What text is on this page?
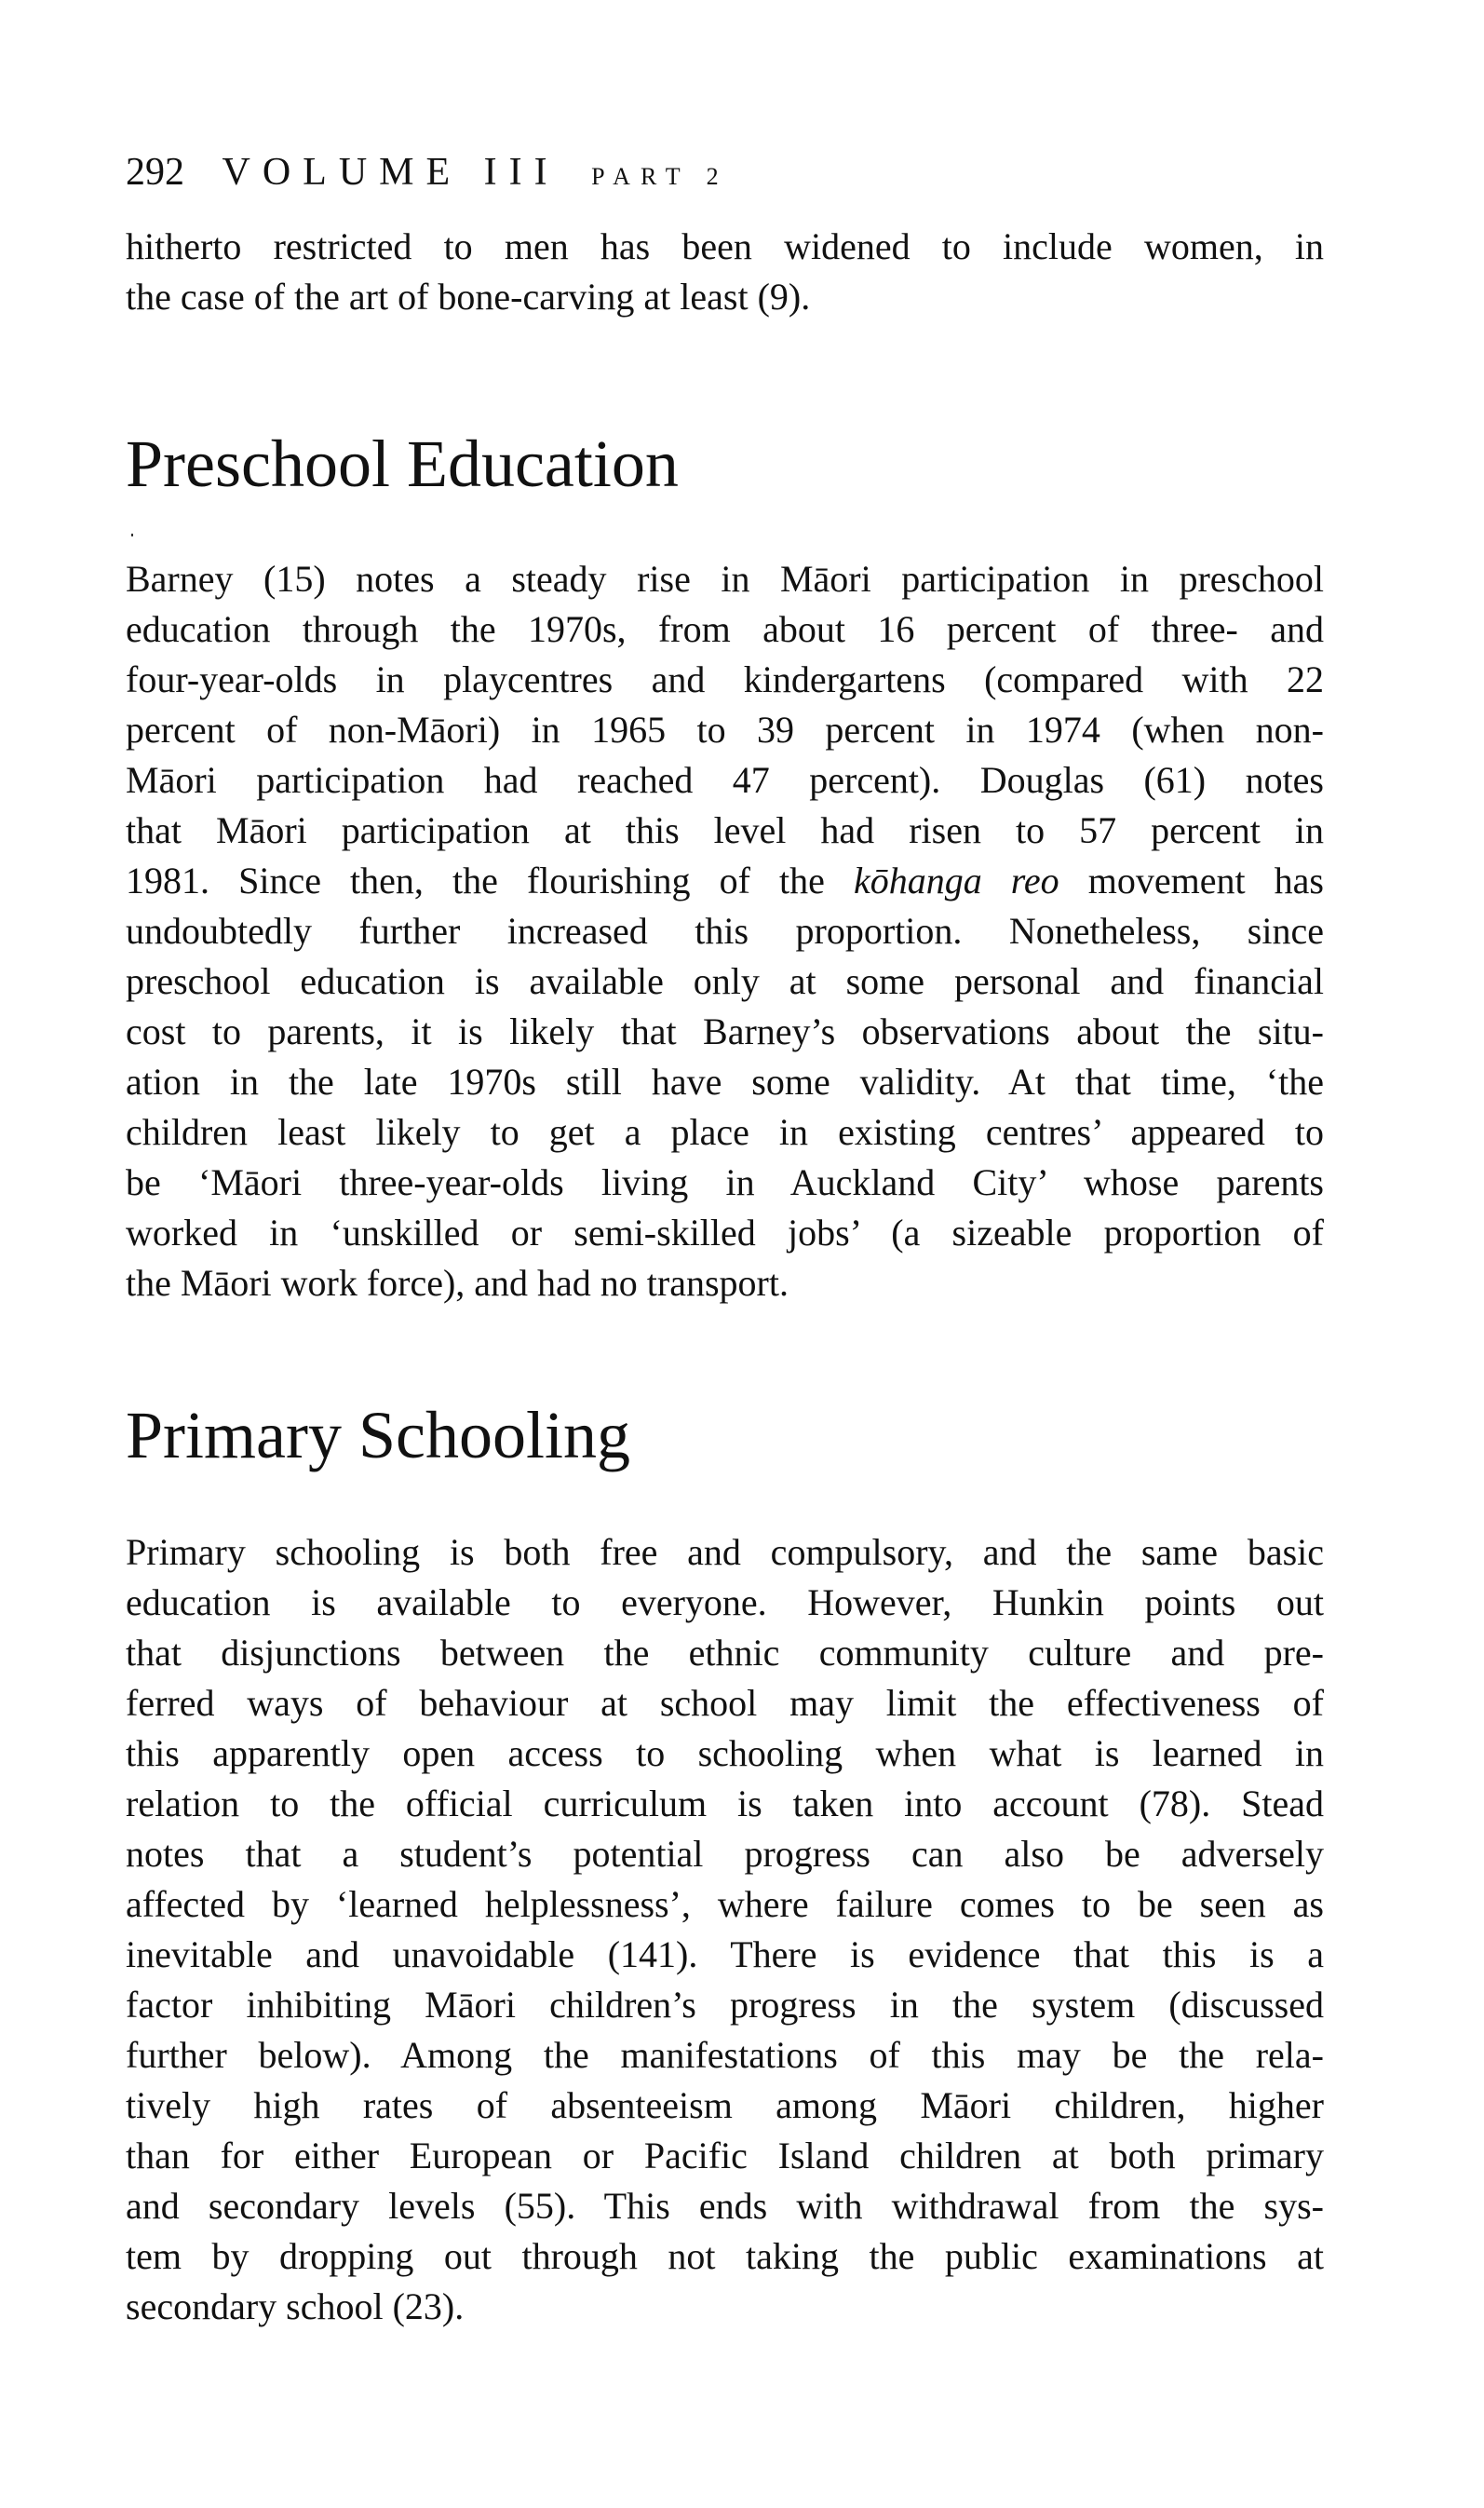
292 VOLUME III PART 2
hitherto restricted to men has been widened to include women, in
the case of the art of bone-carving at least (9).
Preschool Education
Barney (15) notes a steady rise in Māori participation in preschool
education through the 1970s, from about 16 percent of three- and
four-year-olds in playcentres and kindergartens (compared with 22
percent of non-Māori) in 1965 to 39 percent in 1974 (when non-
Māori participation had reached 47 percent). Douglas (61) notes
that Māori participation at this level had risen to 57 percent in
1981. Since then, the flourishing of the kōhanga reo movement has
undoubtedly further increased this proportion. Nonetheless, since
preschool education is available only at some personal and financial
cost to parents, it is likely that Barney’s observations about the situ-
ation in the late 1970s still have some validity. At that time, ‘the
children least likely to get a place in existing centres’ appeared to
be ‘Māori three-year-olds living in Auckland City’ whose parents
worked in ‘unskilled or semi-skilled jobs’ (a sizeable proportion of
the Māori work force), and had no transport.
Primary Schooling
Primary schooling is both free and compulsory, and the same basic
education is available to everyone. However, Hunkin points out
that disjunctions between the ethnic community culture and pre-
ferred ways of behaviour at school may limit the effectiveness of
this apparently open access to schooling when what is learned in
relation to the official curriculum is taken into account (78). Stead
notes that a student’s potential progress can also be adversely
affected by ‘learned helplessness’, where failure comes to be seen as
inevitable and unavoidable (141). There is evidence that this is a
factor inhibiting Māori children’s progress in the system (discussed
further below). Among the manifestations of this may be the rela-
tively high rates of absenteeism among Māori children, higher
than for either European or Pacific Island children at both primary
and secondary levels (55). This ends with withdrawal from the sys-
tem by dropping out through not taking the public examinations at
secondary school (23).
